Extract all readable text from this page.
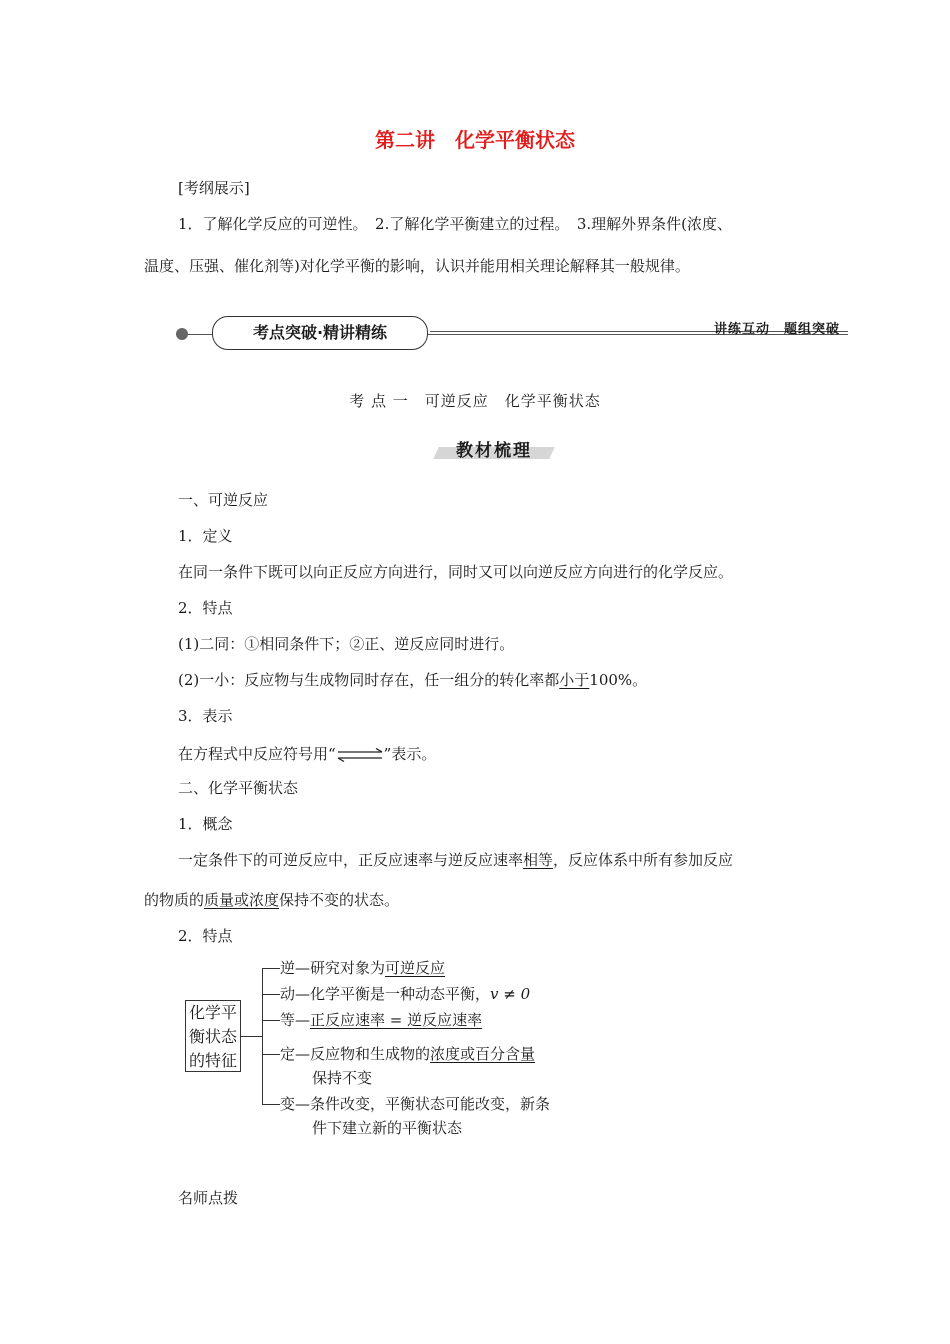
第二讲　化学平衡状态
[考纲展示]
1．了解化学反应的可逆性。　2.了解化学平衡建立的过程。　3.理解外界条件(浓度、
温度、压强、催化剂等)对化学平衡的影响，认识并能用相关理论解释其一般规律。
考点突破·精讲精练	讲练互动　题组突破
考 点 一　可逆反应　化学平衡状态
教材梳理
一、可逆反应
1．定义
在同一条件下既可以向正反应方向进行，同时又可以向逆反应方向进行的化学反应。
2．特点
(1)二同：①相同条件下；②正、逆反应同时进行。
(2)一小：反应物与生成物同时存在，任一组分的转化率都小于100%。
3．表示
在方程式中反应符号用“⇌”表示。
二、化学平衡状态
1．概念
一定条件下的可逆反应中，正反应速率与逆反应速率相等，反应体系中所有参加反应
的物质的质量或浓度保持不变的状态。
2．特点
化学平
衡状态
的特征
逆—研究对象为可逆反应
动—化学平衡是一种动态平衡，v ≠ 0
等—正反应速率 = 逆反应速率
定—反应物和生成物的浓度或百分含量
保持不变
变—条件改变，平衡状态可能改变，新条
件下建立新的平衡状态
名师点拨
